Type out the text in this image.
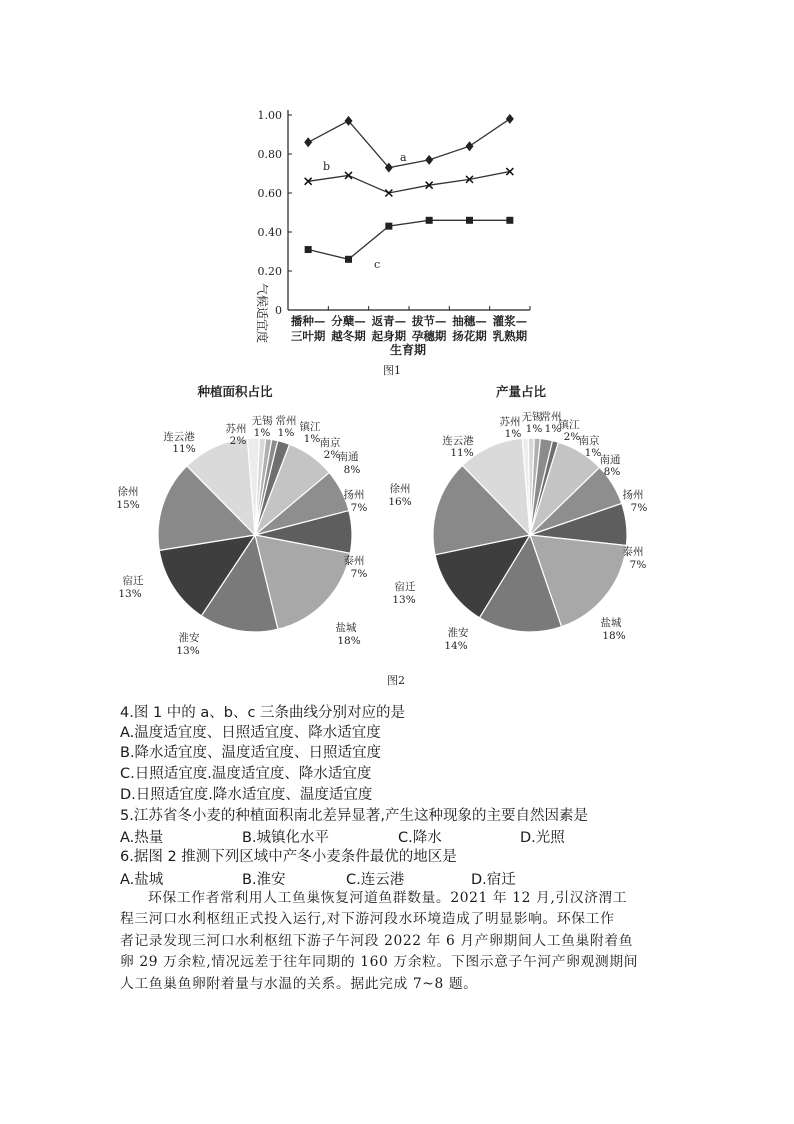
1.00
0.80
0.60
0.40
0.20
0
播种—
三叶期
分蘖—
越冬期
返青—
起身期
拔节—
孕穗期
抽穗—
扬花期
灌浆—
乳熟期
气候适宜度
生育期
图1
a
b
c
种植面积占比	产量占比
苏州
2%
无锡
1%
常州
1% 镇江
1% 南京
2%
南通
8%
扬州
7%
泰州
7%
盐城
18%
淮安
13%
宿迁
13%
徐州
15%
连云港
11%
苏州
1%
无锡
1%
常州
1%
镇江
2%
南京
1%
南通
8%
扬州
7%
泰州
7%
盐城
18%
淮安
14%
宿迁
13%
徐州
16%
连云港
11%
图2
4.图 1 中的 a、b、c 三条曲线分别对应的是
A.温度适宜度、日照适宜度、降水适宜度
B.降水适宜度、温度适宜度、日照适宜度
C.日照适宜度.温度适宜度、降水适宜度
D.日照适宜度.降水适宜度、温度适宜度
5.江苏省冬小麦的种植面积南北差异显著,产生这种现象的主要自然因素是
A.热量	B.城镇化水平	C.降水	D.光照
6.据图 2 推测下列区域中产冬小麦条件最优的地区是
A.盐城	B.淮安	C.连云港	D.宿迁
环保工作者常利用人工鱼巢恢复河道鱼群数量。2021 年 12 月,引汉济渭工
程三河口水利枢纽正式投入运行,对下游河段水环境造成了明显影响。环保工作
者记录发现三河口水利枢纽下游子午河段 2022 年 6 月产卵期间人工鱼巢附着鱼
卵 29 万余粒,情况远差于往年同期的 160 万余粒。下图示意子午河产卵观测期间
人工鱼巢鱼卵附着量与水温的关系。据此完成 7~8 题。
